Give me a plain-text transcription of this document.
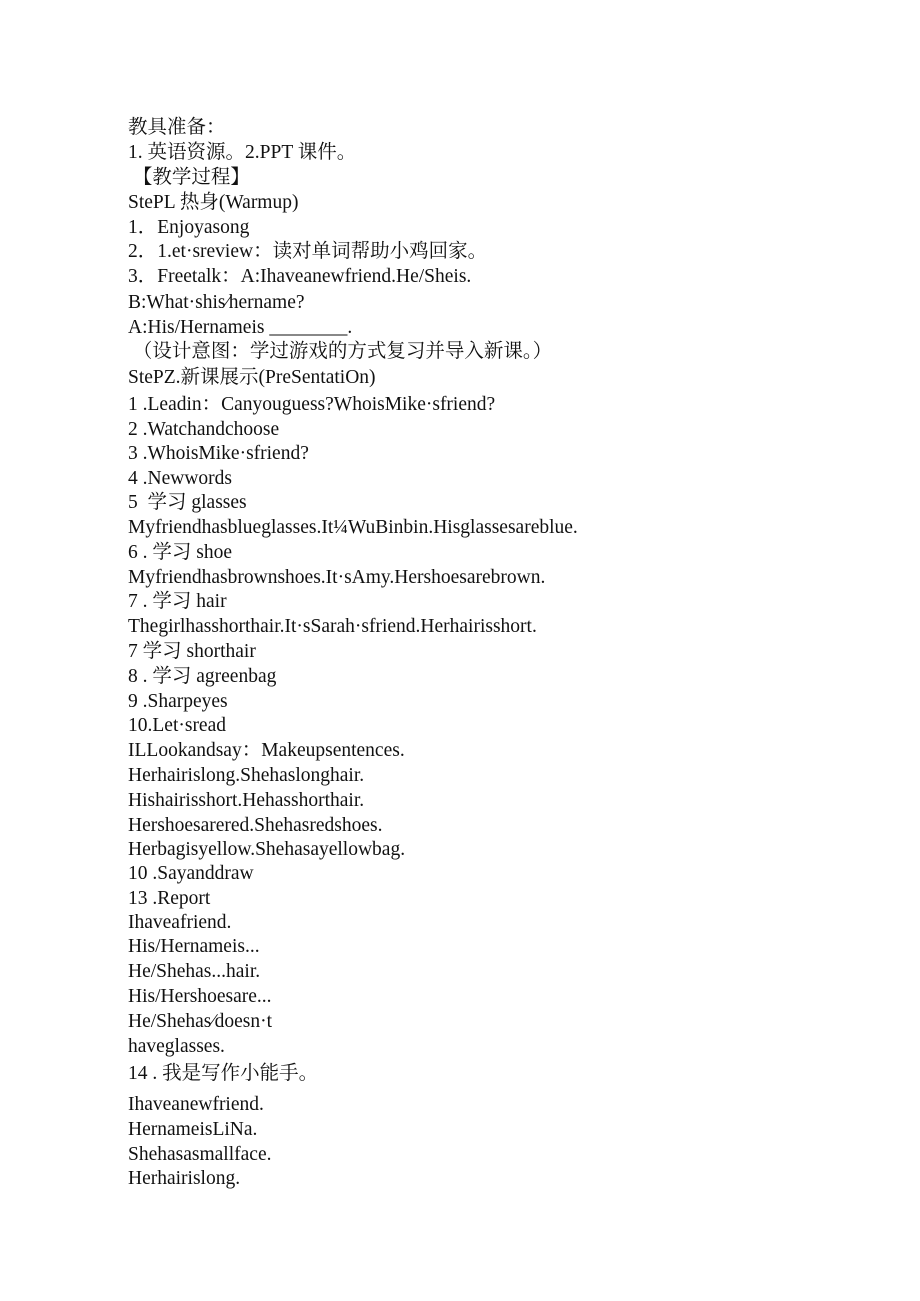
教具准备：
1. 英语资源。2.PPT 课件。
【教学过程】
StePL 热身(Warmup)
1．Enjoyasong
2．1.et·sreview：读对单词帮助小鸡回家。
3．Freetalk：A:Ihaveanewfriend.He/Sheis.
B:What·shis∕hername?
A:His/Hernameis ________.
（设计意图：学过游戏的方式复习并导入新课。）
StePZ.新课展示(PreSentatiOn)
1 .Leadin：Canyouguess?WhoisMike·sfriend?
2 .Watchandchoose
3 .WhoisMike·sfriend?
4 .Newwords
5  学习 glasses
Myfriendhasblueglasses.It¼WuBinbin.Hisglassesareblue.
6 . 学习 shoe
Myfriendhasbrownshoes.It·sAmy.Hershoesarebrown.
7 . 学习 hair
Thegirlhasshorthair.It·sSarah·sfriend.Herhairisshort.
7 学习 shorthair
8 . 学习 agreenbag
9 .Sharpeyes
10.Let·sread
ILLookandsay：Makeupsentences.
Herhairislong.Shehaslonghair.
Hishairisshort.Hehasshorthair.
Hershoesarered.Shehasredshoes.
Herbagisyellow.Shehasayellowbag.
10 .Sayanddraw
13 .Report
Ihaveafriend.
His/Hernameis...
He/Shehas...hair.
His/Hershoesare...
He/Shehas∕doesn·t
haveglasses.
14 . 我是写作小能手。
Ihaveanewfriend.
HernameisLiNa.
Shehasasmallface.
Herhairislong.
